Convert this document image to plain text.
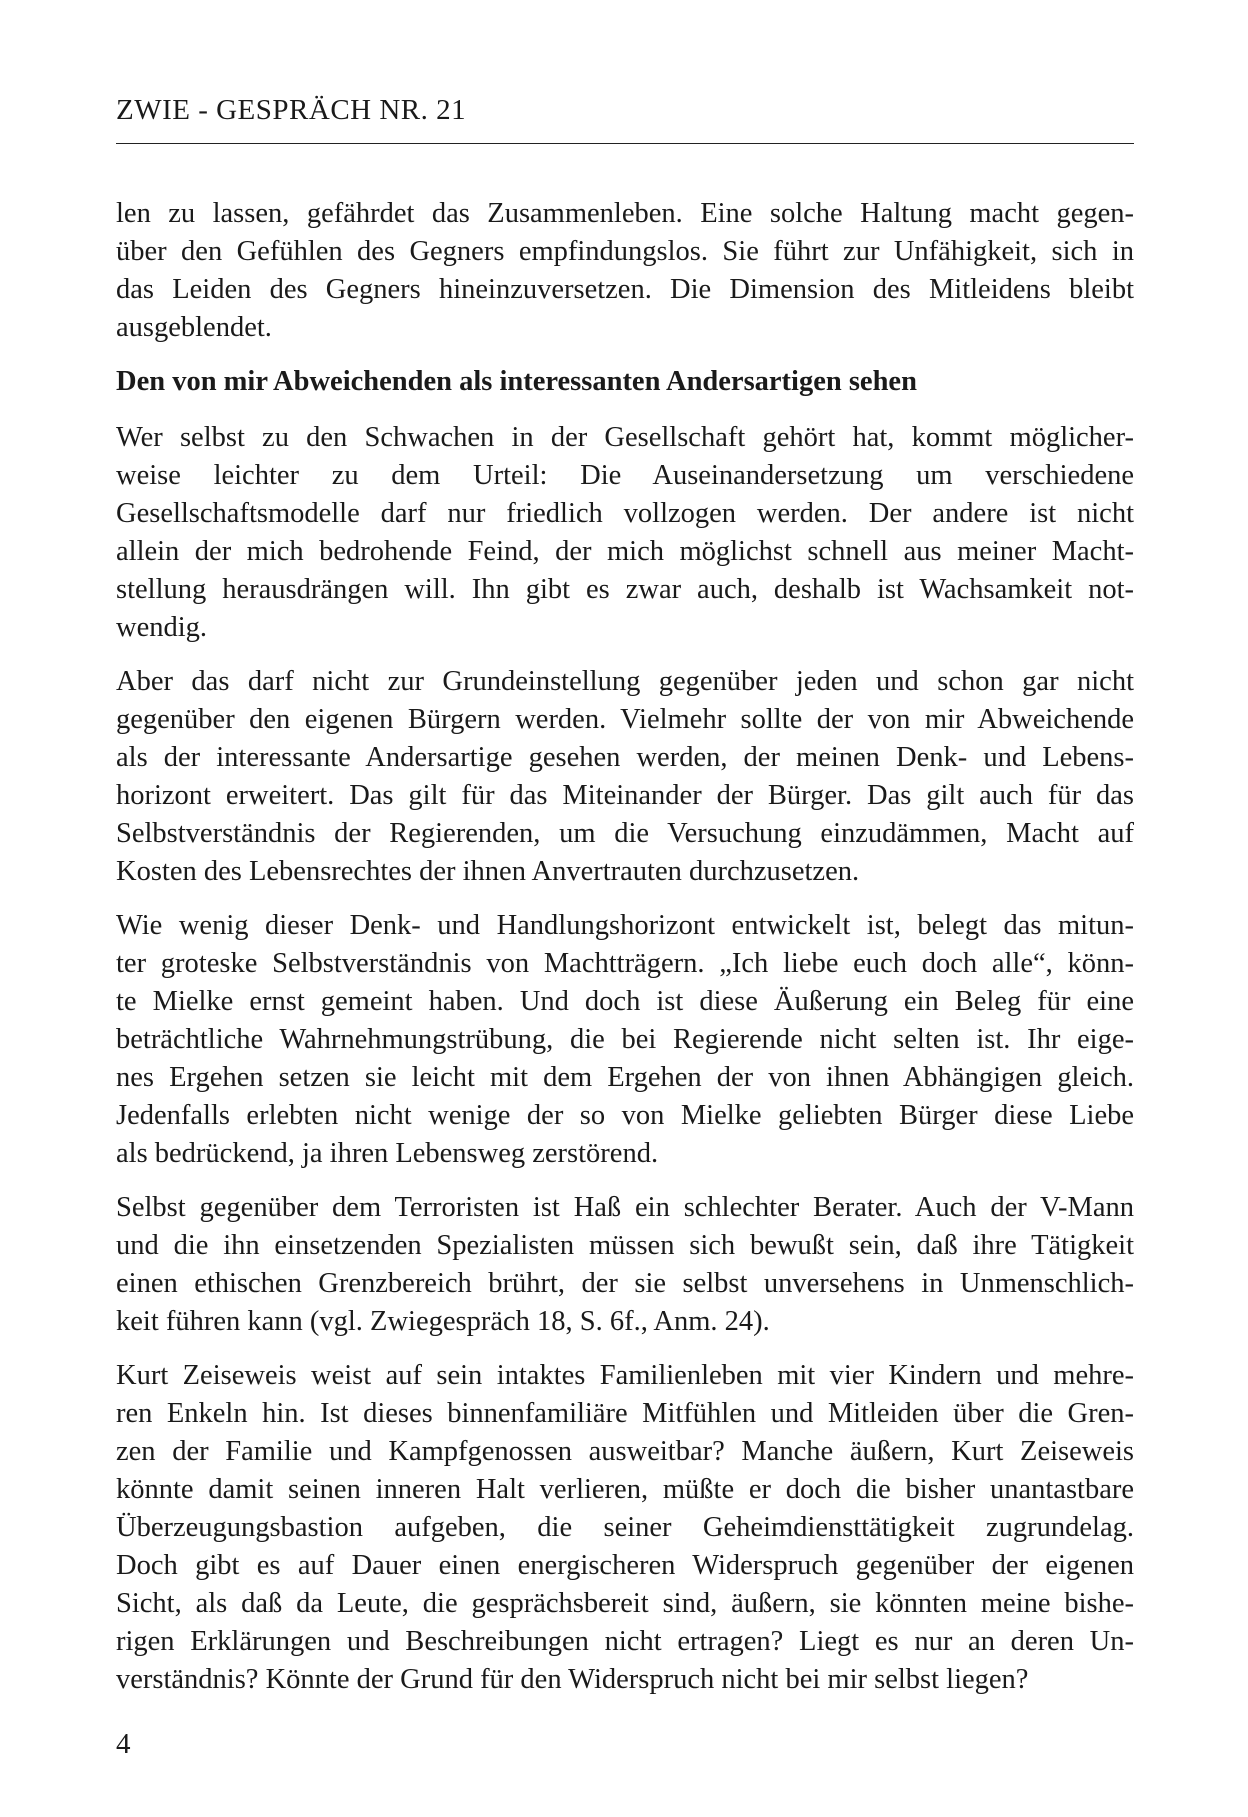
ZWIE - GESPRÄCH NR. 21
len zu lassen, gefährdet das Zusammenleben. Eine solche Haltung macht gegen-
über den Gefühlen des Gegners empfindungslos. Sie führt zur Unfähigkeit, sich in
das Leiden des Gegners hineinzuversetzen. Die Dimension des Mitleidens bleibt
ausgeblendet.
Den von mir Abweichenden als interessanten Andersartigen sehen
Wer selbst zu den Schwachen in der Gesellschaft gehört hat, kommt möglicher-
weise leichter zu dem Urteil: Die Auseinandersetzung um verschiedene
Gesellschaftsmodelle darf nur friedlich vollzogen werden. Der andere ist nicht
allein der mich bedrohende Feind, der mich möglichst schnell aus meiner Macht-
stellung herausdrängen will. Ihn gibt es zwar auch, deshalb ist Wachsamkeit not-
wendig.
Aber das darf nicht zur Grundeinstellung gegenüber jeden und schon gar nicht
gegenüber den eigenen Bürgern werden. Vielmehr sollte der von mir Abweichende
als der interessante Andersartige gesehen werden, der meinen Denk- und Lebens-
horizont erweitert. Das gilt für das Miteinander der Bürger. Das gilt auch für das
Selbstverständnis der Regierenden, um die Versuchung einzudämmen, Macht auf
Kosten des Lebensrechtes der ihnen Anvertrauten durchzusetzen.
Wie wenig dieser Denk- und Handlungshorizont entwickelt ist, belegt das mitun-
ter groteske Selbstverständnis von Machtträgern. „Ich liebe euch doch alle“, könn-
te Mielke ernst gemeint haben. Und doch ist diese Äußerung ein Beleg für eine
beträchtliche Wahrnehmungstrübung, die bei Regierende nicht selten ist. Ihr eige-
nes Ergehen setzen sie leicht mit dem Ergehen der von ihnen Abhängigen gleich.
Jedenfalls erlebten nicht wenige der so von Mielke geliebten Bürger diese Liebe
als bedrückend, ja ihren Lebensweg zerstörend.
Selbst gegenüber dem Terroristen ist Haß ein schlechter Berater. Auch der V-Mann
und die ihn einsetzenden Spezialisten müssen sich bewußt sein, daß ihre Tätigkeit
einen ethischen Grenzbereich brührt, der sie selbst unversehens in Unmenschlich-
keit führen kann (vgl. Zwiegespräch 18, S. 6f., Anm. 24).
Kurt Zeiseweis weist auf sein intaktes Familienleben mit vier Kindern und mehre-
ren Enkeln hin. Ist dieses binnenfamiliäre Mitfühlen und Mitleiden über die Gren-
zen der Familie und Kampfgenossen ausweitbar? Manche äußern, Kurt Zeiseweis
könnte damit seinen inneren Halt verlieren, müßte er doch die bisher unantastbare
Überzeugungsbastion aufgeben, die seiner Geheimdiensttätigkeit zugrundelag.
Doch gibt es auf Dauer einen energischeren Widerspruch gegenüber der eigenen
Sicht, als daß da Leute, die gesprächsbereit sind, äußern, sie könnten meine bishe-
rigen Erklärungen und Beschreibungen nicht ertragen? Liegt es nur an deren Un-
verständnis? Könnte der Grund für den Widerspruch nicht bei mir selbst liegen?
4
